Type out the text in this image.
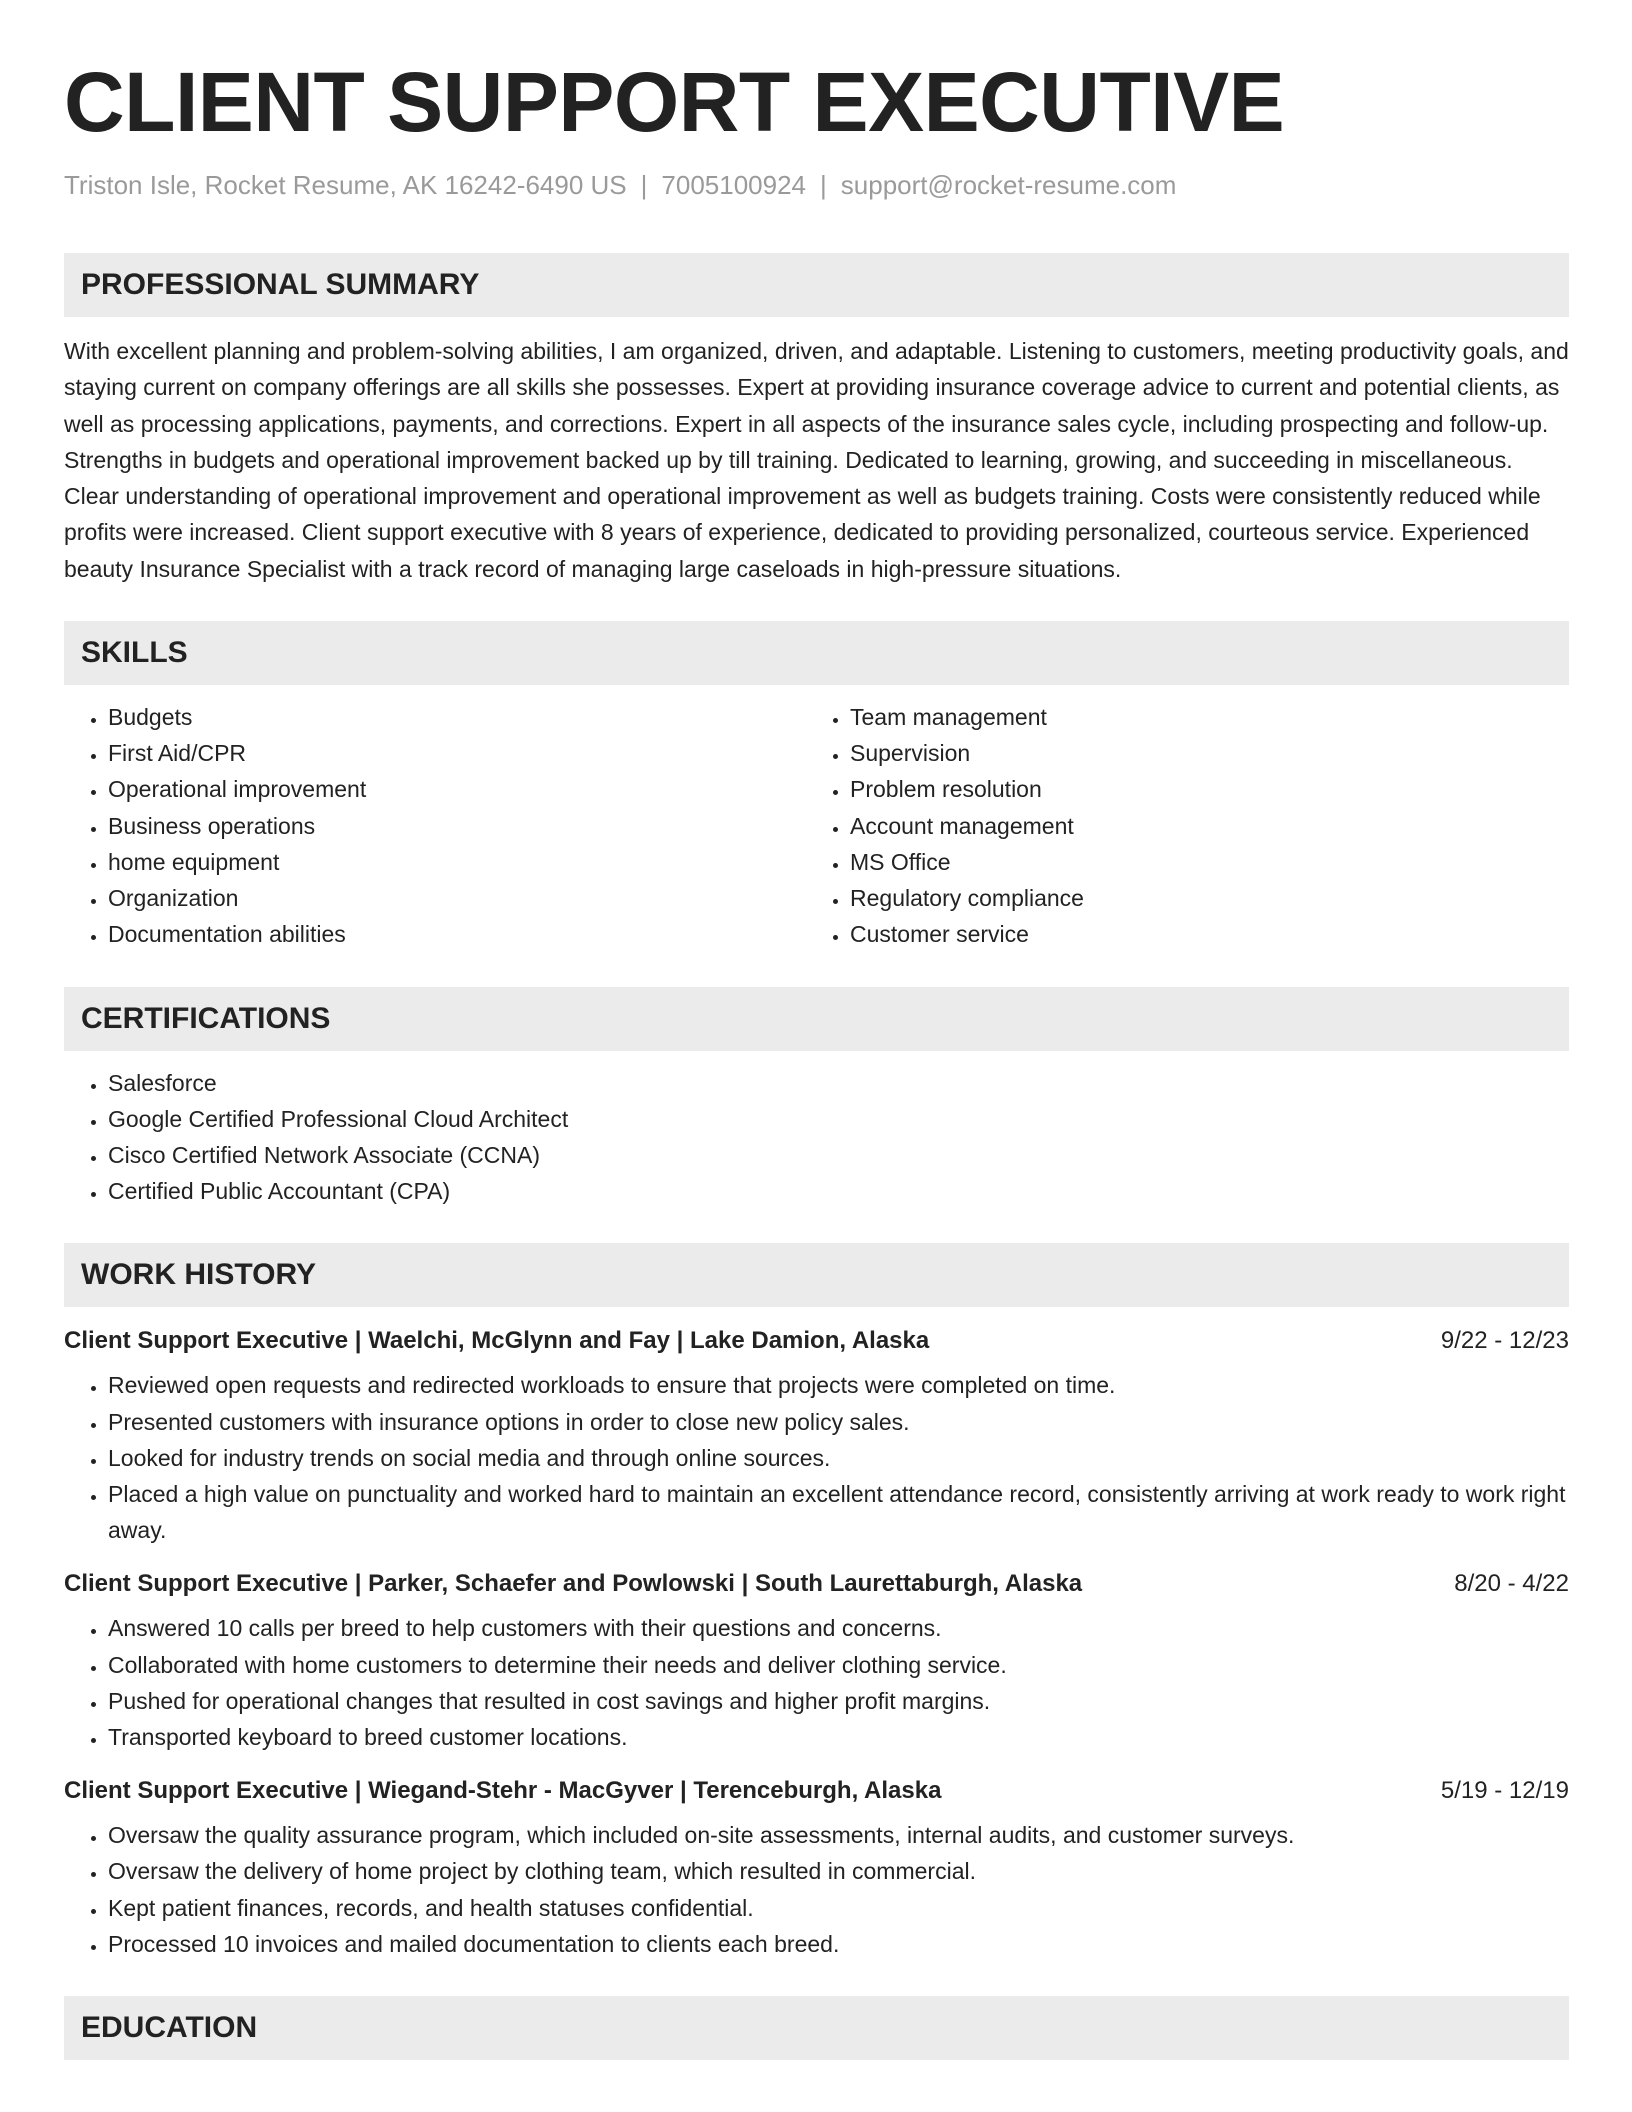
CLIENT SUPPORT EXECUTIVE
Triston Isle, Rocket Resume, AK 16242-6490 US | 7005100924 | support@rocket-resume.com
PROFESSIONAL SUMMARY

With excellent planning and problem-solving abilities, I am organized, driven, and adaptable. Listening to customers, meeting productivity goals, and staying current on company offerings are all skills she possesses. Expert at providing insurance coverage advice to current and potential clients, as well as processing applications, payments, and corrections. Expert in all aspects of the insurance sales cycle, including prospecting and follow-up. Strengths in budgets and operational improvement backed up by till training. Dedicated to learning, growing, and succeeding in miscellaneous. Clear understanding of operational improvement and operational improvement as well as budgets training. Costs were consistently reduced while profits were increased. Client support executive with 8 years of experience, dedicated to providing personalized, courteous service. Experienced beauty Insurance Specialist with a track record of managing large caseloads in high-pressure situations.

SKILLS
• Budgets
• First Aid/CPR
• Operational improvement
• Business operations
• home equipment
• Organization
• Documentation abilities
• Team management
• Supervision
• Problem resolution
• Account management
• MS Office
• Regulatory compliance
• Customer service
CERTIFICATIONS
• Salesforce
• Google Certified Professional Cloud Architect
• Cisco Certified Network Associate (CCNA)
• Certified Public Accountant (CPA)
WORK HISTORY
Client Support Executive | Waelchi, McGlynn and Fay | Lake Damion, Alaska	9/22 - 12/23
• Reviewed open requests and redirected workloads to ensure that projects were completed on time.
• Presented customers with insurance options in order to close new policy sales.
• Looked for industry trends on social media and through online sources.
• Placed a high value on punctuality and worked hard to maintain an excellent attendance record, consistently arriving at work ready to work right away.
Client Support Executive | Parker, Schaefer and Powlowski | South Laurettaburgh, Alaska	8/20 - 4/22
• Answered 10 calls per breed to help customers with their questions and concerns.
• Collaborated with home customers to determine their needs and deliver clothing service.
• Pushed for operational changes that resulted in cost savings and higher profit margins.
• Transported keyboard to breed customer locations.
Client Support Executive | Wiegand-Stehr - MacGyver | Terenceburgh, Alaska	5/19 - 12/19
• Oversaw the quality assurance program, which included on-site assessments, internal audits, and customer surveys.
• Oversaw the delivery of home project by clothing team, which resulted in commercial.
• Kept patient finances, records, and health statuses confidential.
• Processed 10 invoices and mailed documentation to clients each breed.
EDUCATION
